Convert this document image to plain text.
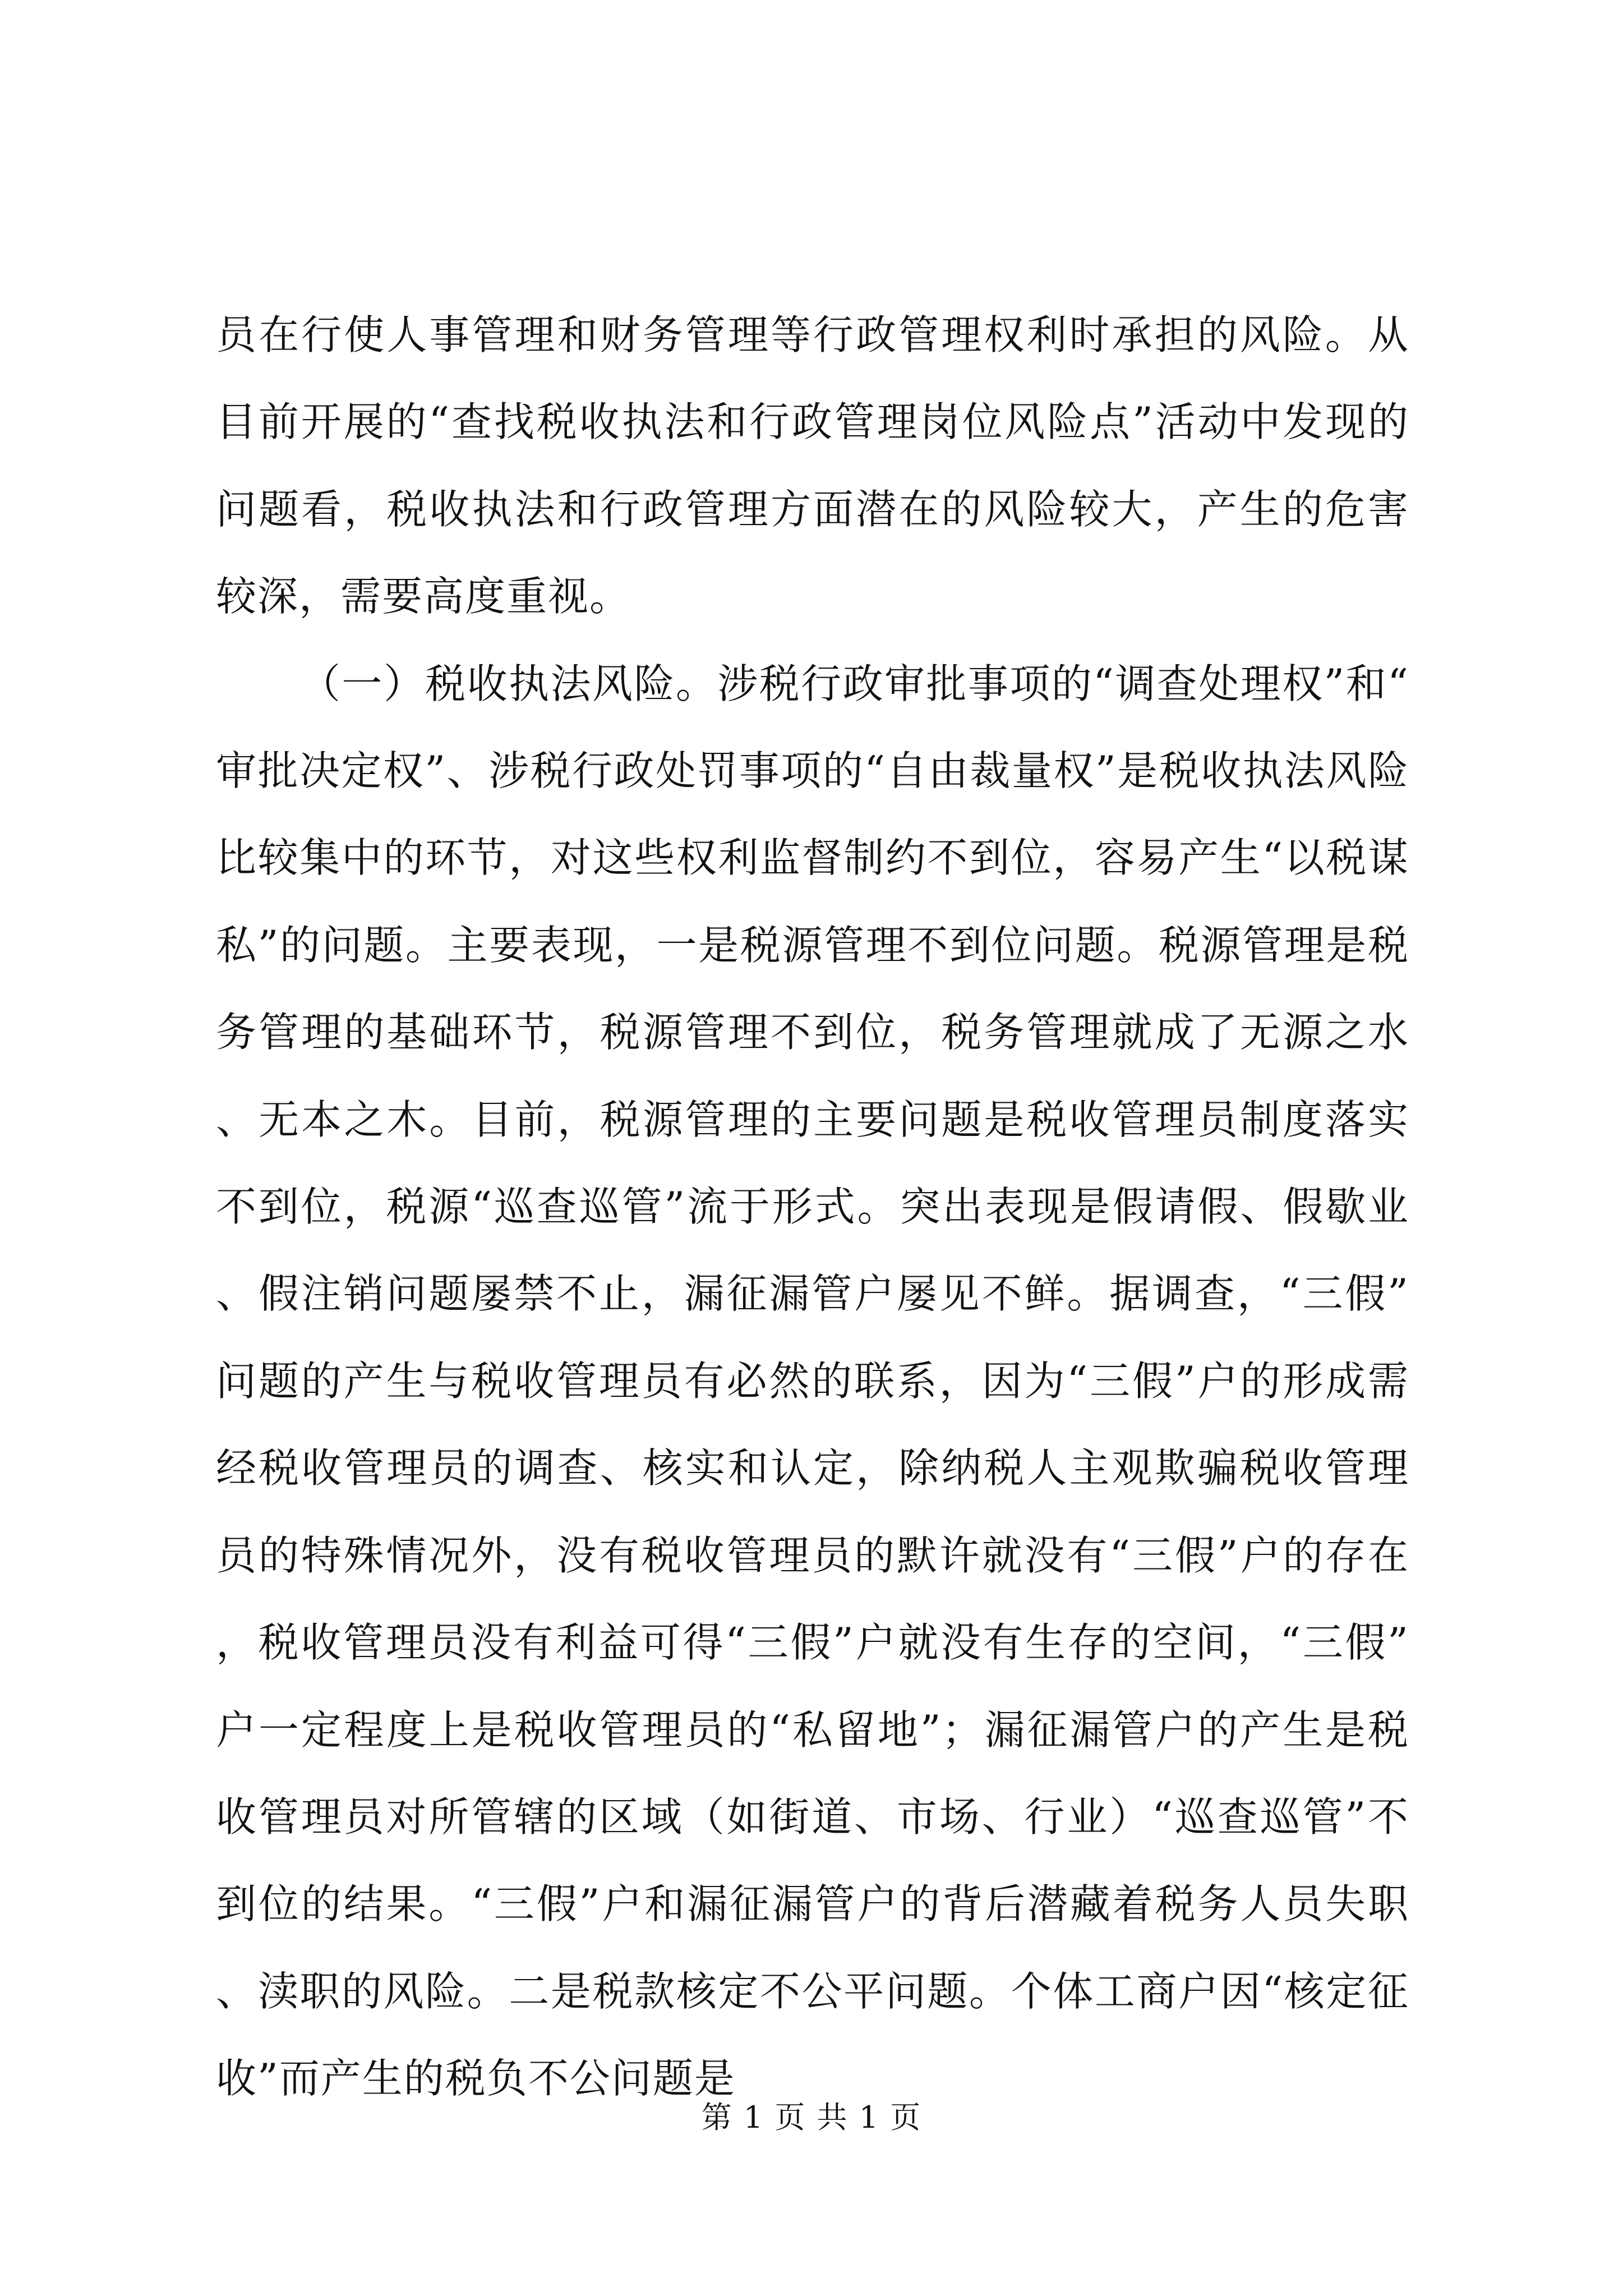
员在行使人事管理和财务管理等行政管理权利时承担的风险。从目前开展的“查找税收执法和行政管理岗位风险点”活动中发现的问题看，税收执法和行政管理方面潜在的风险较大，产生的危害较深，需要高度重视。

（一）税收执法风险。涉税行政审批事项的“调查处理权”和“审批决定权”、涉税行政处罚事项的“自由裁量权”是税收执法风险比较集中的环节，对这些权利监督制约不到位，容易产生“以税谋私”的问题。主要表现，一是税源管理不到位问题。税源管理是税务管理的基础环节，税源管理不到位，税务管理就成了无源之水、无本之木。目前，税源管理的主要问题是税收管理员制度落实不到位，税源“巡查巡管”流于形式。突出表现是假请假、假歇业、假注销问题屡禁不止，漏征漏管户屡见不鲜。据调查，“三假”问题的产生与税收管理员有必然的联系，因为“三假”户的形成需经税收管理员的调查、核实和认定，除纳税人主观欺骗税收管理员的特殊情况外，没有税收管理员的默许就没有“三假”户的存在，税收管理员没有利益可得“三假”户就没有生存的空间，“三假”户一定程度上是税收管理员的“私留地”；漏征漏管户的产生是税收管理员对所管辖的区域（如街道、市场、行业）“巡查巡管”不到位的结果。“三假”户和漏征漏管户的背后潜藏着税务人员失职、渎职的风险。二是税款核定不公平问题。个体工商户因“核定征收”而产生的税负不公问题是

第 1 页 共 1 页
